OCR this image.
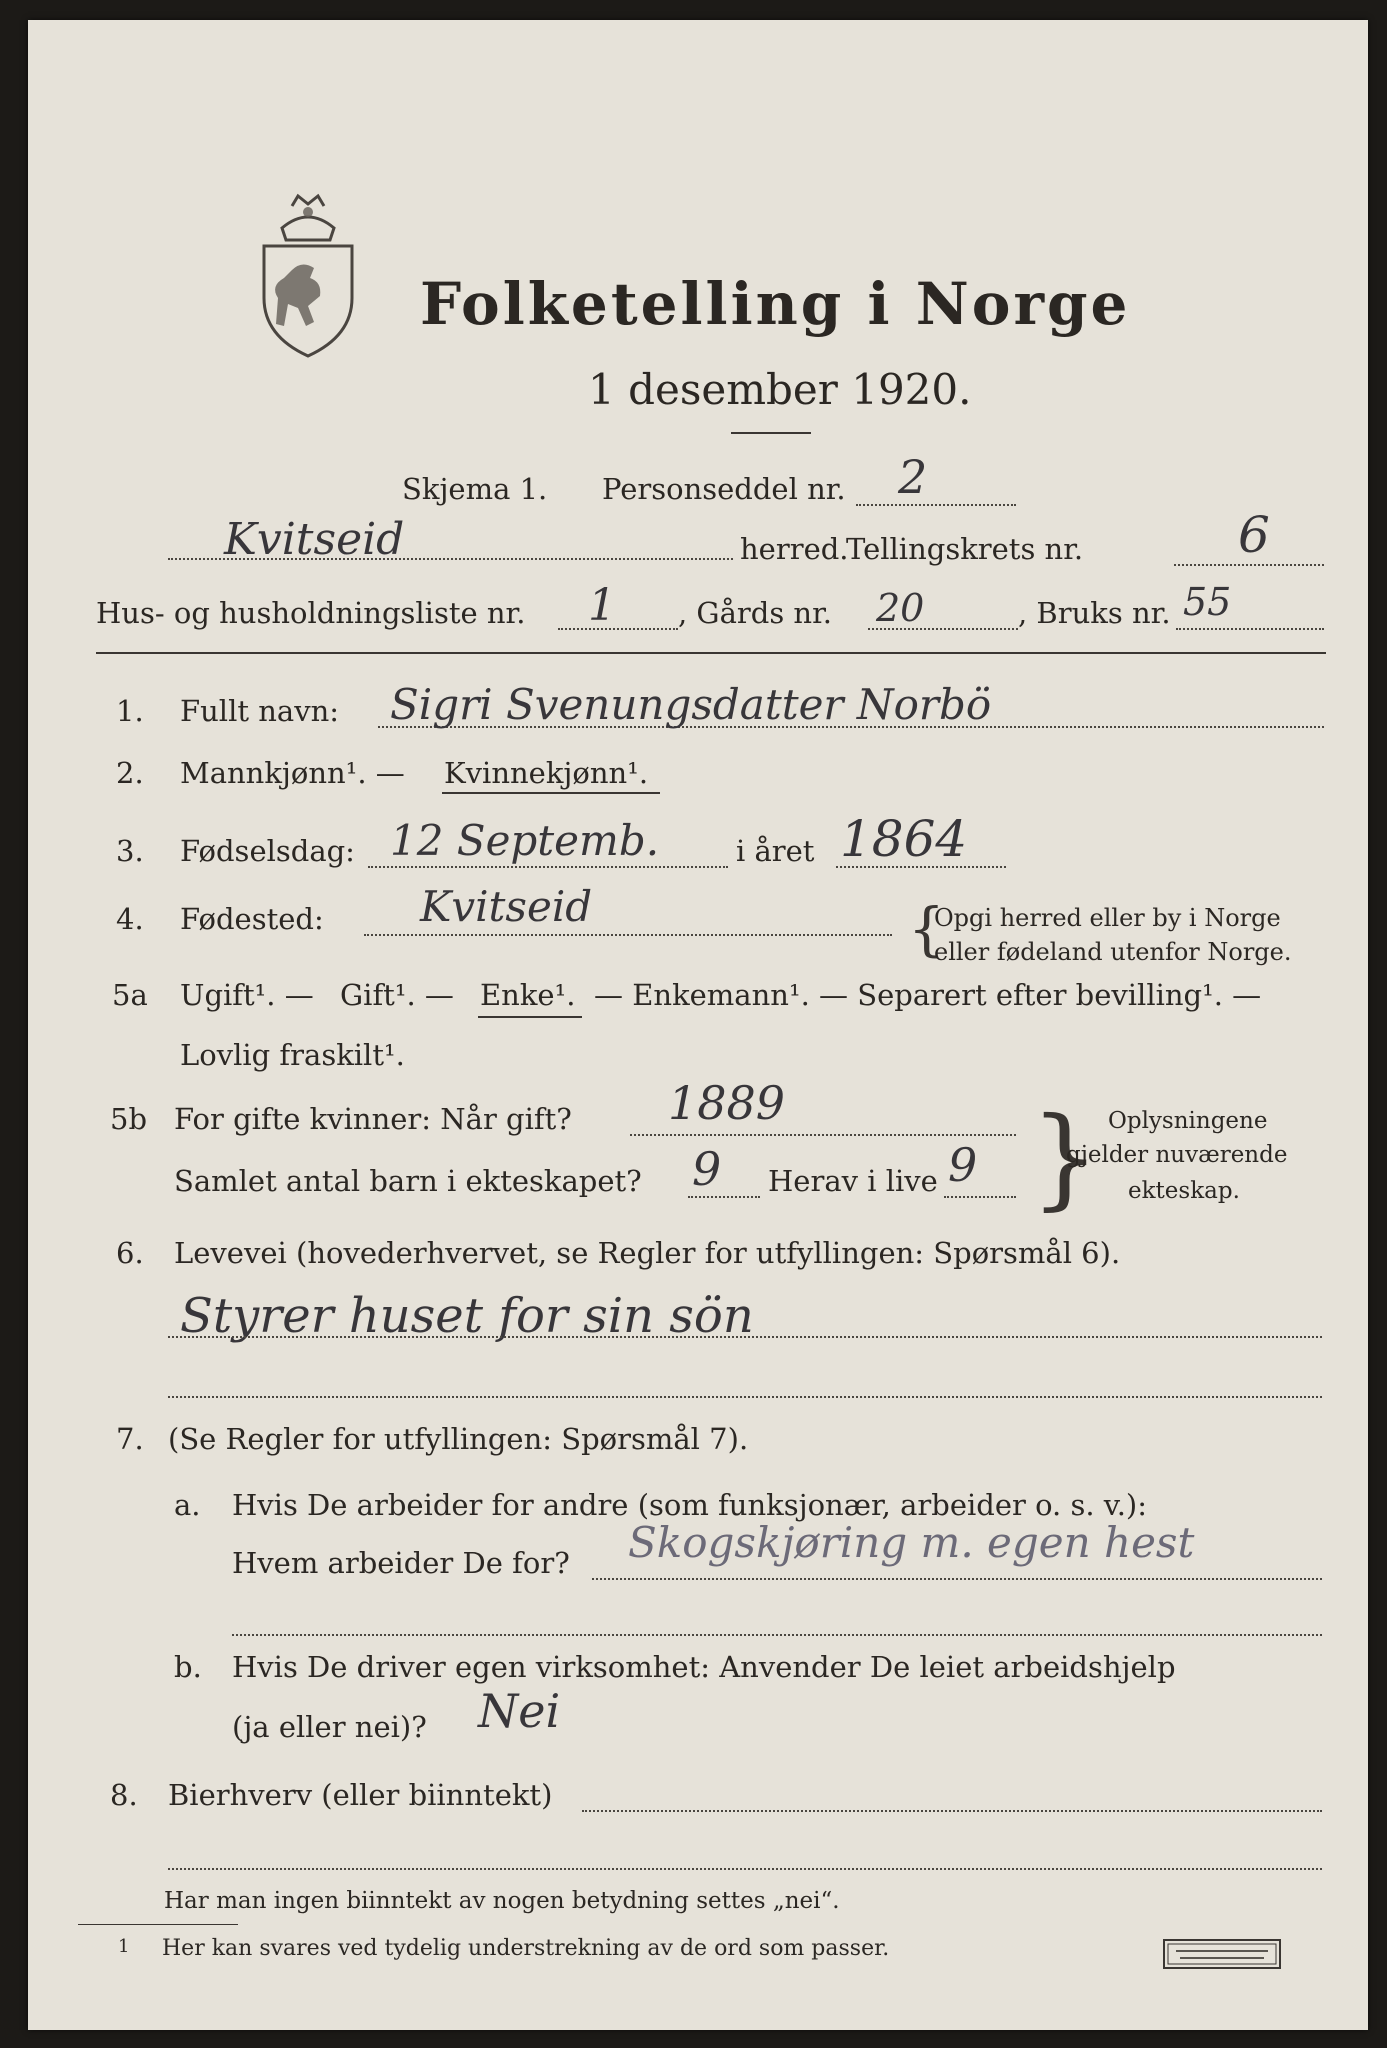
Folketelling i Norge
1 desember 1920.
Skjema 1. Personseddel nr. 2
Kvitseid	herred.
Tellingskrets nr.	6
Hus- og husholdningsliste nr. 1 , Gårds nr. 20	, Bruks nr. 55
1. Fullt navn: Sigri Svenungsdatter Norbö
2. Mannkjønn¹. — Kvinnekjønn¹.
3. Fødselsdag: 12 Septemb.	i året 1864
4. Fødested: Kvitseid	{
Opgi herred eller by i Norge
eller fødeland utenfor Norge.
5a Ugift¹. — Gift¹. — Enke¹. — Enkemann¹. — Separert efter bevilling¹. —
Lovlig fraskilt¹.
5b For gifte kvinner: Når gift? 1889
Samlet antal barn i ekteskapet? 9 Herav i live 9 } Oplysningene
gjelder nuværende
ekteskap.
6. Levevei (hovederhvervet, se Regler for utfyllingen: Spørsmål 6).
Styrer huset for sin sön
7. (Se Regler for utfyllingen: Spørsmål 7).
a. Hvis De arbeider for andre (som funksjonær, arbeider o. s. v.):
Hvem arbeider De for? Skogskjøring m. egen hest
b. Hvis De driver egen virksomhet: Anvender De leiet arbeidshjelp
(ja eller nei)? Nei
8. Bierhverv (eller biinntekt)
Har man ingen biinntekt av nogen betydning settes „nei“.
1 Her kan svares ved tydelig understrekning av de ord som passer.
